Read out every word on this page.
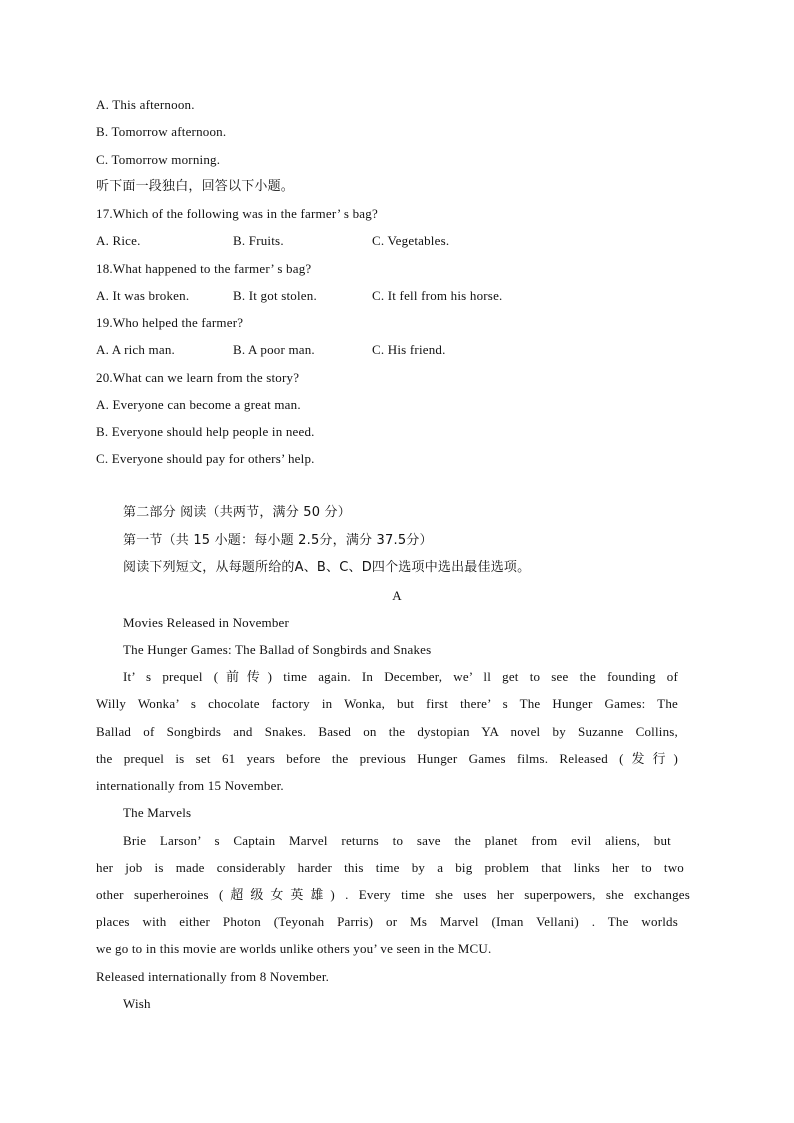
A. This afternoon.
B. Tomorrow afternoon.
C. Tomorrow morning.
听下面一段独白，回答以下小题。
17.Which of the following was in the farmer’ s bag?
A. Rice.	B. Fruits.	C. Vegetables.
18.What happened to the farmer’ s bag?
A. It was broken.	B. It got stolen.	C. It fell from his horse.
19.Who helped the farmer?
A. A rich man.	B. A poor man.	C. His friend.
20.What can we learn from the story?
A. Everyone can become a great man.
B. Everyone should help people in need.
C. Everyone should pay for others’ help.
第二部分 阅读（共两节，满分 50 分）
第一节（共 15 小题：每小题 2.5分，满分 37.5分）
阅读下列短文，从每题所给的A、B、C、D四个选项中选出最佳选项。
A
Movies Released in November
The Hunger Games: The Ballad of Songbirds and Snakes
It’ s prequel (前传) time again. In December, we’ ll get to see the founding of
Willy Wonka’ s chocolate factory in Wonka, but first there’ s The Hunger Games: The
Ballad of Songbirds and Snakes. Based on the dystopian YA novel by Suzanne Collins,
the prequel is set 61 years before the previous Hunger Games films. Released (发行)
internationally from 15 November.
The Marvels
Brie Larson’ s Captain Marvel returns to save the planet from evil aliens, but
her job is made considerably harder this time by a big problem that links her to two
other superheroines (超级女英雄) . Every time she uses her superpowers, she exchanges
places with either Photon (Teyonah Parris) or Ms Marvel (Iman Vellani) . The worlds
we go to in this movie are worlds unlike others you’ ve seen in the MCU.
Released internationally from 8 November.
Wish
